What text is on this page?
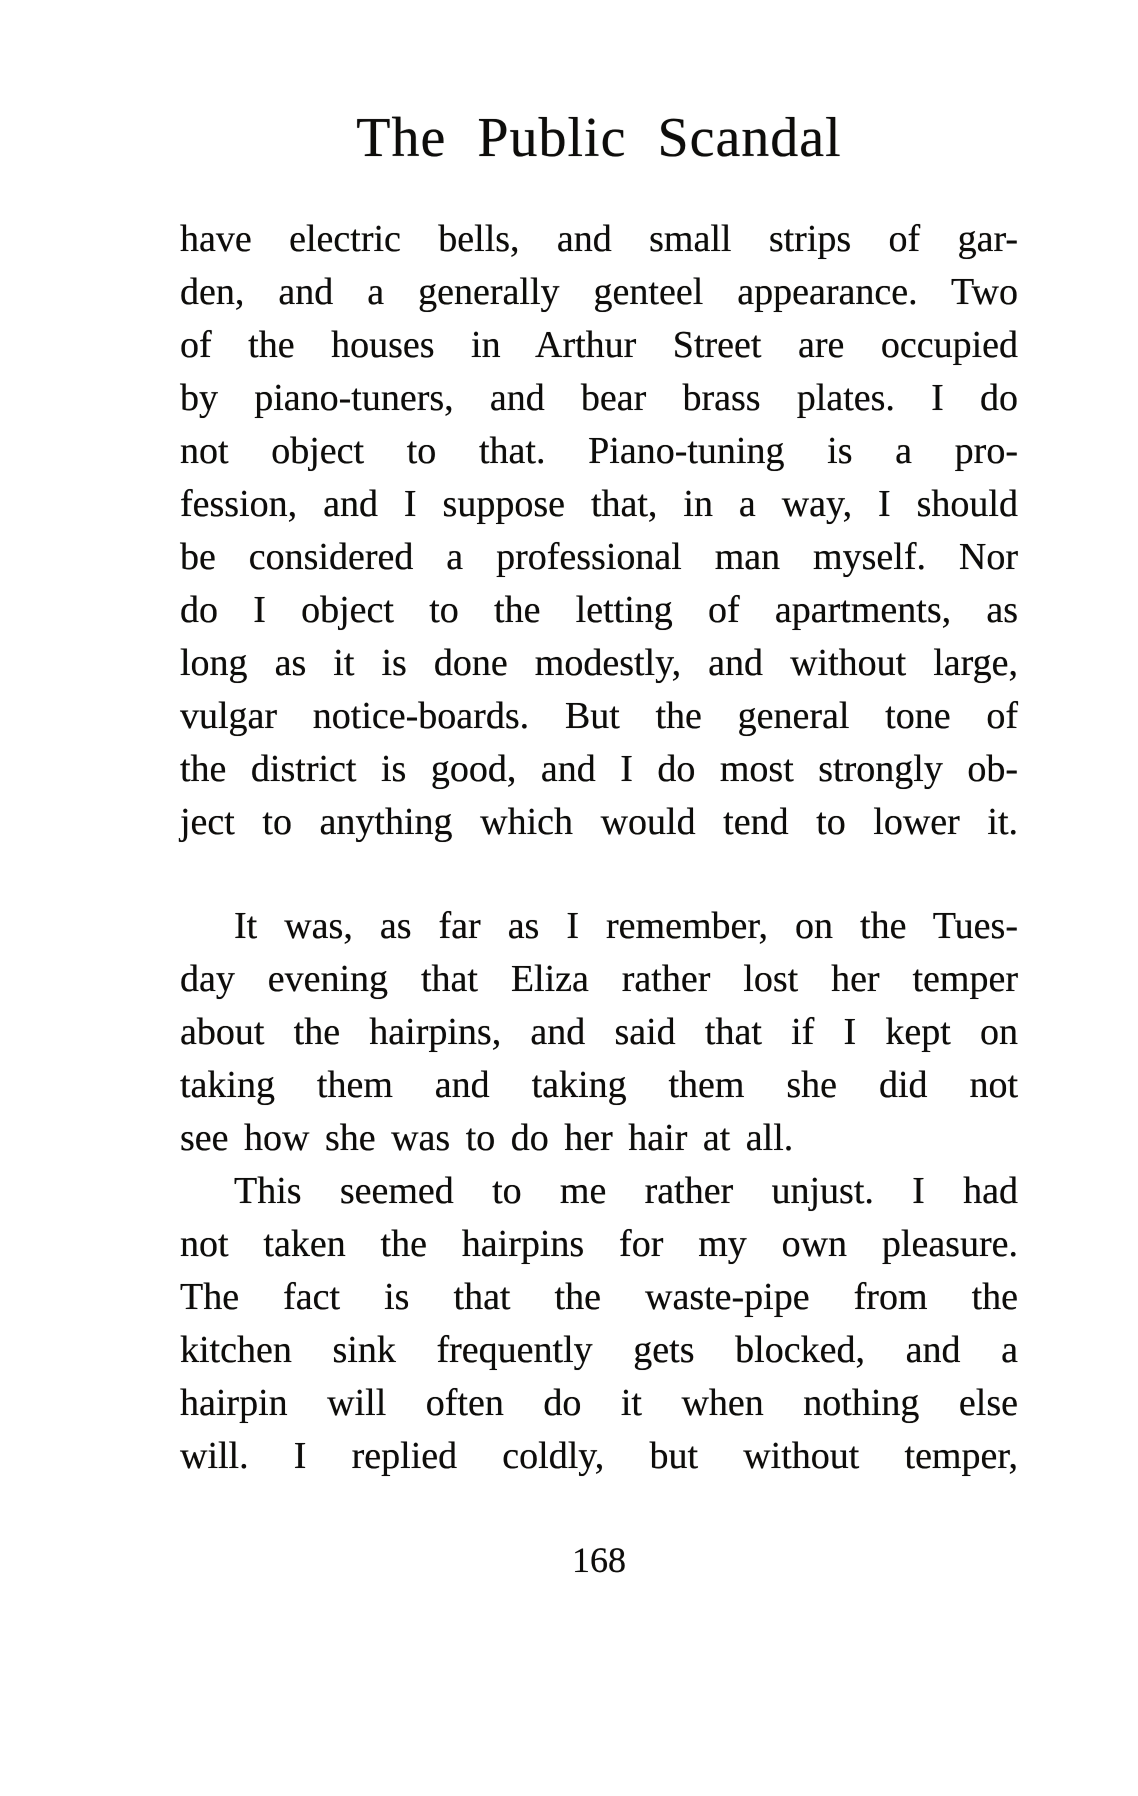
The Public Scandal
have electric bells, and small strips of gar-
den, and a generally genteel appearance. Two
of the houses in Arthur Street are occupied
by piano-tuners, and bear brass plates. I do
not object to that. Piano-tuning is a pro-
fession, and I suppose that, in a way, I should
be considered a professional man myself. Nor
do I object to the letting of apartments, as
long as it is done modestly, and without large,
vulgar notice-boards. But the general tone of
the district is good, and I do most strongly ob-
ject to anything which would tend to lower it.
It was, as far as I remember, on the Tues-
day evening that Eliza rather lost her temper
about the hairpins, and said that if I kept on
taking them and taking them she did not
see how she was to do her hair at all.
This seemed to me rather unjust. I had
not taken the hairpins for my own pleasure.
The fact is that the waste-pipe from the
kitchen sink frequently gets blocked, and a
hairpin will often do it when nothing else
will. I replied coldly, but without temper,
168
